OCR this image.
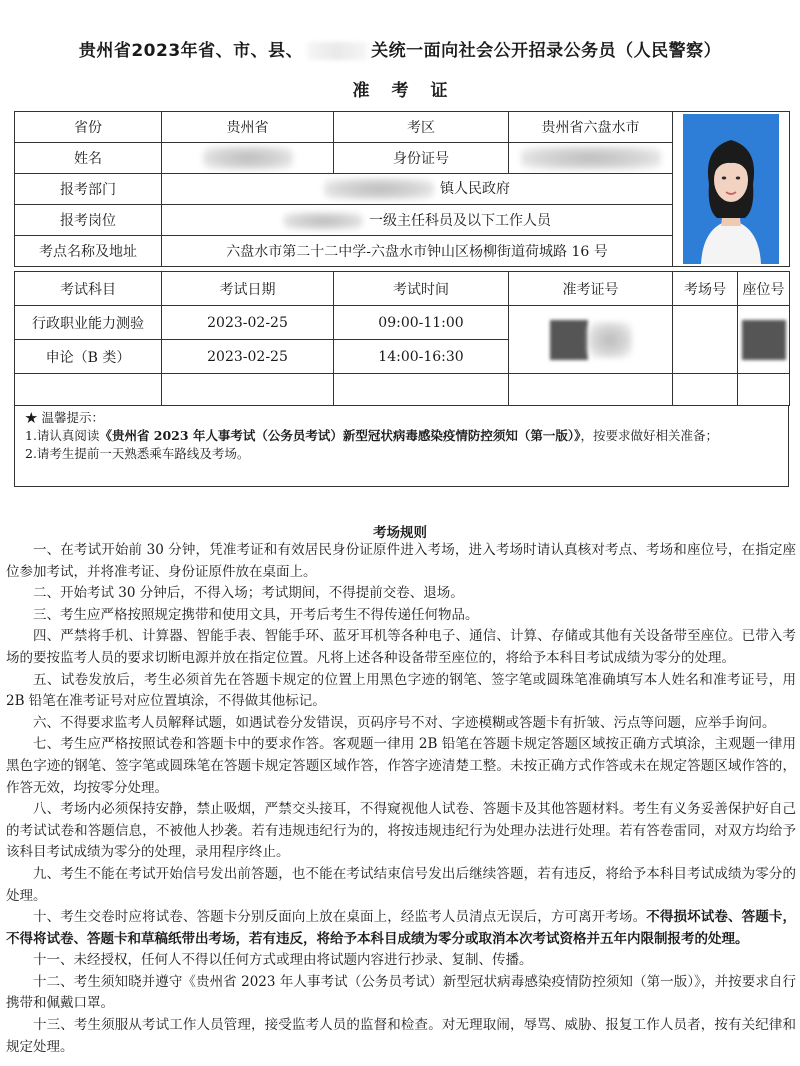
贵州省2023年省、市、县、	关统一面向社会公开招录公务员（人民警察）
准考证
省份	贵州省	考区	贵州省六盘水市	

姓名		身份证号		
报考部门	镇人民政府			
报考岗位	一级主任科员及以下工作人员			
考点名称及地址	六盘水市第二十二中学-六盘水市钟山区杨柳街道荷城路 16 号			
考试科目	考试日期	考试时间	准考证号	考场号	座位号
行政职业能力测验	2023-02-25	09:00-11:00			
申论（B 类）	2023-02-25	14:00-16:30			

★ 温馨提示：
1.请认真阅读《贵州省 2023 年人事考试（公务员考试）新型冠状病毒感染疫情防控须知（第一版）》，按要求做好相关准备；
2.请考生提前一天熟悉乘车路线及考场。
考场规则

一、在考试开始前 30 分钟，凭准考证和有效居民身份证原件进入考场，进入考场时请认真核对考点、考场和座位号，在指定座位参加考试，并将准考证、身份证原件放在桌面上。

二、开始考试 30 分钟后，不得入场；考试期间，不得提前交卷、退场。

三、考生应严格按照规定携带和使用文具，开考后考生不得传递任何物品。

四、严禁将手机、计算器、智能手表、智能手环、蓝牙耳机等各种电子、通信、计算、存储或其他有关设备带至座位。已带入考场的要按监考人员的要求切断电源并放在指定位置。凡将上述各种设备带至座位的，将给予本科目考试成绩为零分的处理。

五、试卷发放后，考生必须首先在答题卡规定的位置上用黑色字迹的钢笔、签字笔或圆珠笔准确填写本人姓名和准考证号，用 2B 铅笔在准考证号对应位置填涂，不得做其他标记。

六、不得要求监考人员解释试题，如遇试卷分发错误，页码序号不对、字迹模糊或答题卡有折皱、污点等问题，应举手询问。

七、考生应严格按照试卷和答题卡中的要求作答。客观题一律用 2B 铅笔在答题卡规定答题区域按正确方式填涂，主观题一律用黑色字迹的钢笔、签字笔或圆珠笔在答题卡规定答题区域作答，作答字迹清楚工整。未按正确方式作答或未在规定答题区域作答的，作答无效，均按零分处理。

八、考场内必须保持安静，禁止吸烟，严禁交头接耳，不得窥视他人试卷、答题卡及其他答题材料。考生有义务妥善保护好自己的考试试卷和答题信息，不被他人抄袭。若有违规违纪行为的，将按违规违纪行为处理办法进行处理。若有答卷雷同，对双方均给予该科目考试成绩为零分的处理，录用程序终止。

九、考生不能在考试开始信号发出前答题，也不能在考试结束信号发出后继续答题，若有违反，将给予本科目考试成绩为零分的处理。

十、考生交卷时应将试卷、答题卡分别反面向上放在桌面上，经监考人员清点无误后，方可离开考场。不得损坏试卷、答题卡，不得将试卷、答题卡和草稿纸带出考场，若有违反，将给予本科目成绩为零分或取消本次考试资格并五年内限制报考的处理。

十一、未经授权，任何人不得以任何方式或理由将试题内容进行抄录、复制、传播。

十二、考生须知晓并遵守《贵州省 2023 年人事考试（公务员考试）新型冠状病毒感染疫情防控须知（第一版）》，并按要求自行携带和佩戴口罩。

十三、考生须服从考试工作人员管理，接受监考人员的监督和检查。对无理取闹，辱骂、威胁、报复工作人员者，按有关纪律和规定处理。
